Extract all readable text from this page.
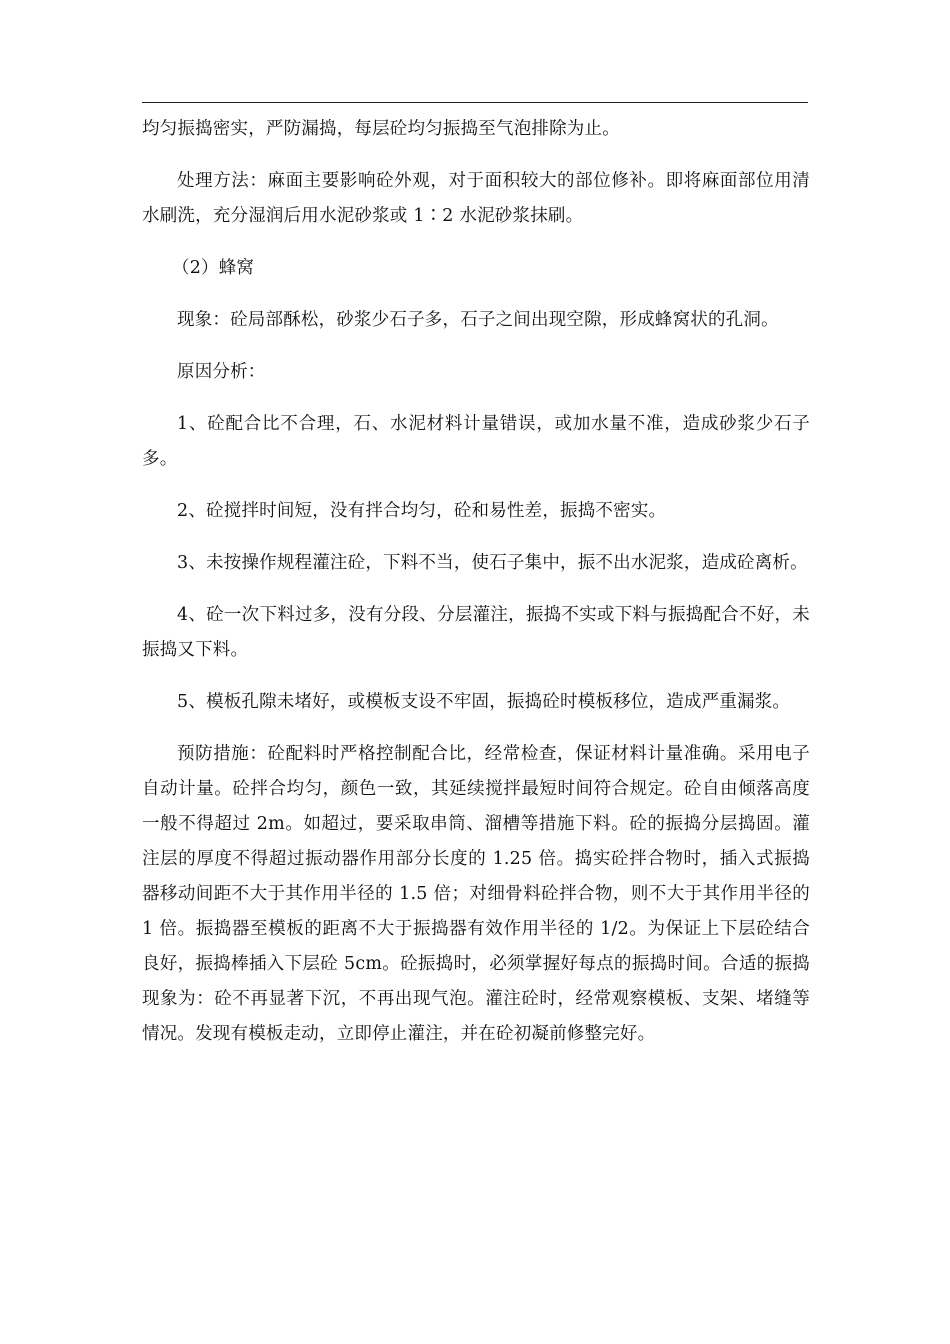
均匀振捣密实，严防漏捣，每层砼均匀振捣至气泡排除为止。

处理方法：麻面主要影响砼外观，对于面积较大的部位修补。即将麻面部位用清水刷洗，充分湿润后用水泥砂浆或 1∶2 水泥砂浆抹刷。

（2）蜂窝

现象：砼局部酥松，砂浆少石子多，石子之间出现空隙，形成蜂窝状的孔洞。

原因分析：

1、砼配合比不合理，石、水泥材料计量错误，或加水量不准，造成砂浆少石子多。

2、砼搅拌时间短，没有拌合均匀，砼和易性差，振捣不密实。

3、未按操作规程灌注砼，下料不当，使石子集中，振不出水泥浆，造成砼离析。

4、砼一次下料过多，没有分段、分层灌注，振捣不实或下料与振捣配合不好，未振捣又下料。

5、模板孔隙未堵好，或模板支设不牢固，振捣砼时模板移位，造成严重漏浆。

预防措施：砼配料时严格控制配合比，经常检查，保证材料计量准确。采用电子自动计量。砼拌合均匀，颜色一致，其延续搅拌最短时间符合规定。砼自由倾落高度一般不得超过 2m。如超过，要采取串筒、溜槽等措施下料。砼的振捣分层捣固。灌注层的厚度不得超过振动器作用部分长度的 1.25 倍。捣实砼拌合物时，插入式振捣器移动间距不大于其作用半径的 1.5 倍；对细骨料砼拌合物，则不大于其作用半径的 1 倍。振捣器至模板的距离不大于振捣器有效作用半径的 1/2。为保证上下层砼结合良好，振捣棒插入下层砼 5cm。砼振捣时，必须掌握好每点的振捣时间。合适的振捣现象为：砼不再显著下沉，不再出现气泡。灌注砼时，经常观察模板、支架、堵缝等情况。发现有模板走动，立即停止灌注，并在砼初凝前修整完好。
